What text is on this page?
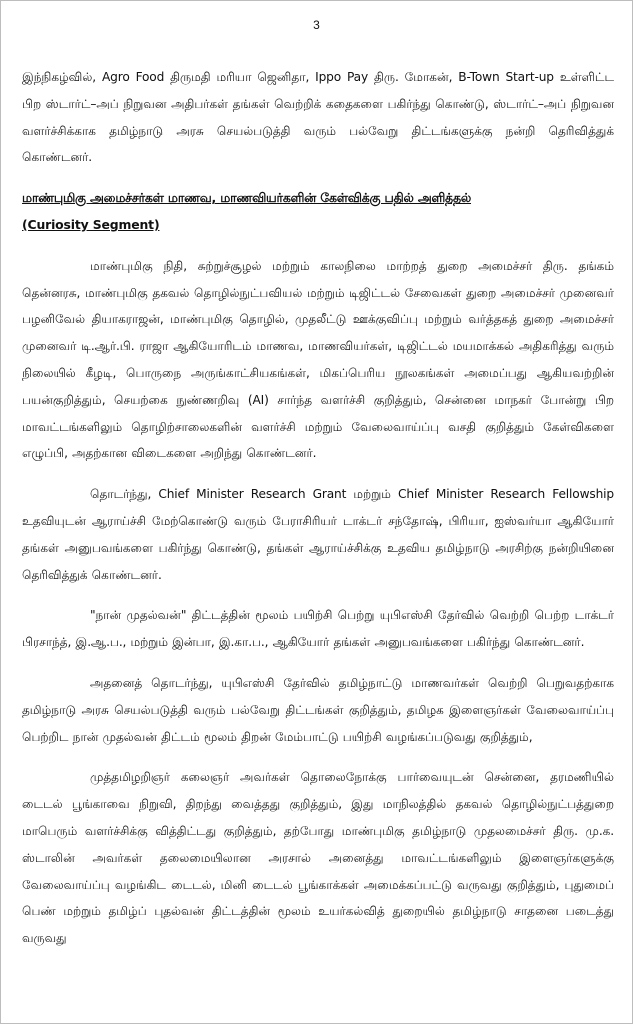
3

இந்நிகழ்வில், Agro Food திருமதி மரியா ஜெனிதா, Ippo Pay திரு. மோகன், B-Town Start-up உள்ளிட்ட பிற ஸ்டார்ட்–அப் நிறுவன அதிபர்கள் தங்கள் வெற்றிக் கதைகளை பகிர்ந்து கொண்டு, ஸ்டார்ட்–அப் நிறுவன வளர்ச்சிக்காக தமிழ்நாடு அரசு செயல்படுத்தி வரும் பல்வேறு திட்டங்களுக்கு நன்றி தெரிவித்துக் கொண்டனர்.

மாண்புமிகு அமைச்சர்கள் மாணவ, மாணவியர்களின் கேள்விக்கு பதில் அளித்தல்

(Curiosity Segment)

மாண்புமிகு நிதி, சுற்றுச்சூழல் மற்றும் காலநிலை மாற்றத் துறை அமைச்சர் திரு. தங்கம் தென்னரசு, மாண்புமிகு தகவல் தொழில்நுட்பவியல் மற்றும் டிஜிட்டல் சேவைகள் துறை அமைச்சர் முனைவர் பழனிவேல் தியாகராஜன், மாண்புமிகு தொழில், முதலீட்டு ஊக்குவிப்பு மற்றும் வர்த்தகத் துறை அமைச்சர் முனைவர் டி.ஆர்.பி. ராஜா ஆகியோரிடம் மாணவ, மாணவியர்கள், டிஜிட்டல் மயமாக்கல் அதிகரித்து வரும் நிலையில் கீழடி, பொருநை அருங்காட்சியகங்கள், மிகப்பெரிய நூலகங்கள் அமைப்பது ஆகியவற்றின் பயன்குறித்தும், செயற்கை நுண்ணறிவு (AI) சார்ந்த வளர்ச்சி குறித்தும், சென்னை மாநகர் போன்று பிற மாவட்டங்களிலும் தொழிற்சாலைகளின் வளர்ச்சி மற்றும் வேலைவாய்ப்பு வசதி குறித்தும் கேள்விகளை எழுப்பி, அதற்கான விடைகளை அறிந்து கொண்டனர்.

தொடர்ந்து, Chief Minister Research Grant மற்றும் Chief Minister Research Fellowship உதவியுடன் ஆராய்ச்சி மேற்கொண்டு வரும் பேராசிரியர் டாக்டர் சந்தோஷ், பிரியா, ஐஸ்வர்யா ஆகியோர் தங்கள் அனுபவங்களை பகிர்ந்து கொண்டு, தங்கள் ஆராய்ச்சிக்கு உதவிய தமிழ்நாடு அரசிற்கு நன்றியினை தெரிவித்துக் கொண்டனர்.

"நான் முதல்வன்" திட்டத்தின் மூலம் பயிற்சி பெற்று யுபிஎஸ்சி தேர்வில் வெற்றி பெற்ற டாக்டர் பிரசாந்த், இ.ஆ.ப., மற்றும் இன்பா, இ.கா.ப., ஆகியோர் தங்கள் அனுபவங்களை பகிர்ந்து கொண்டனர்.

அதனைத் தொடர்ந்து, யுபிஎஸ்சி தேர்வில் தமிழ்நாட்டு மாணவர்கள் வெற்றி பெறுவதற்காக தமிழ்நாடு அரசு செயல்படுத்தி வரும் பல்வேறு திட்டங்கள் குறித்தும், தமிழக இளைஞர்கள் வேலைவாய்ப்பு பெற்றிட நான் முதல்வன் திட்டம் மூலம் திறன் மேம்பாட்டு பயிற்சி வழங்கப்படுவது குறித்தும்,

முத்தமிழறிஞர் கலைஞர் அவர்கள் தொலைநோக்கு பார்வையுடன் சென்னை, தரமணியில் டைடல் பூங்காவை நிறுவி, திறந்து வைத்தது குறித்தும், இது மாநிலத்தில் தகவல் தொழில்நுட்பத்துறை மாபெரும் வளர்ச்சிக்கு வித்திட்டது குறித்தும், தற்போது மாண்புமிகு தமிழ்நாடு முதலமைச்சர் திரு. மு.க. ஸ்டாலின் அவர்கள் தலைமையிலான அரசால் அனைத்து மாவட்டங்களிலும் இளைஞர்களுக்கு வேலைவாய்ப்பு வழங்கிட டைடல், மினி டைடல் பூங்காக்கள் அமைக்கப்பட்டு வருவது குறித்தும், புதுமைப் பெண் மற்றும் தமிழ்ப் புதல்வன் திட்டத்தின் மூலம் உயர்கல்வித் துறையில் தமிழ்நாடு சாதனை படைத்து வருவது
